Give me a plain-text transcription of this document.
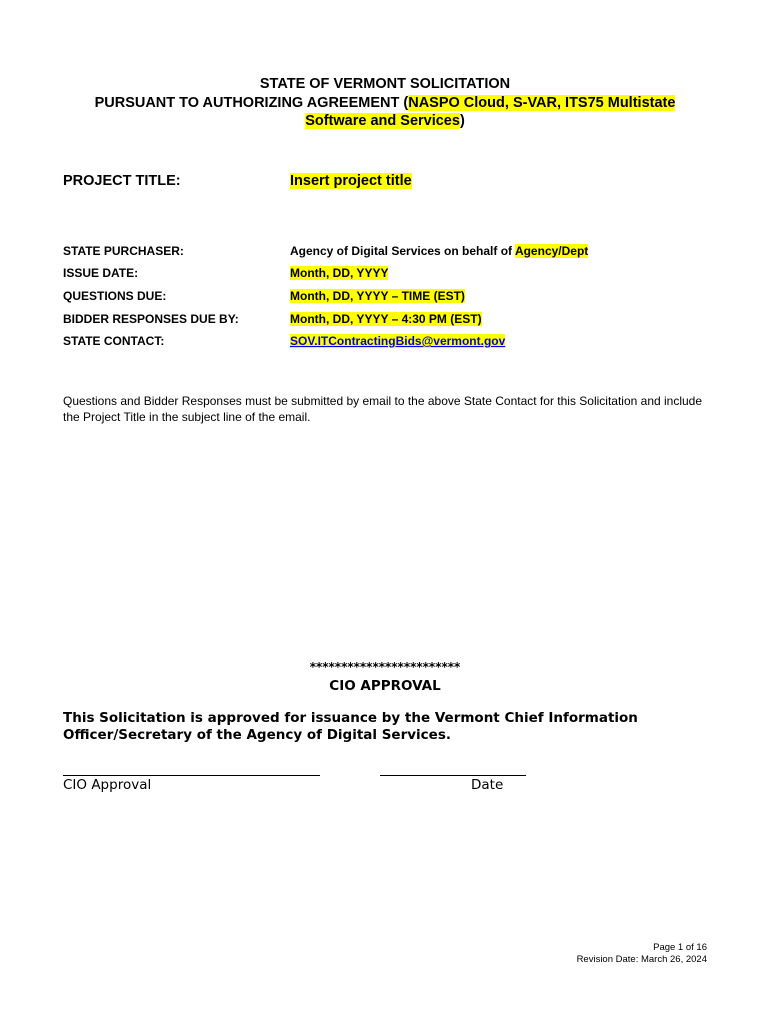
STATE OF VERMONT SOLICITATION
PURSUANT TO AUTHORIZING AGREEMENT (NASPO Cloud, S-VAR, ITS75 Multistate
Software and Services)
PROJECT TITLE:	Insert project title
STATE PURCHASER:	Agency of Digital Services on behalf of Agency/Dept
ISSUE DATE:	Month, DD, YYYY
QUESTIONS DUE:	Month, DD, YYYY – TIME (EST)
BIDDER RESPONSES DUE BY:	Month, DD, YYYY – 4:30 PM (EST)
STATE CONTACT:	SOV.ITContractingBids@vermont.gov
Questions and Bidder Responses must be submitted by email to the above State Contact for this Solicitation and include the Project Title in the subject line of the email.
************************
CIO APPROVAL
This Solicitation is approved for issuance by the Vermont Chief Information Officer/Secretary of the Agency of Digital Services.
CIO Approval	Date
Page 1 of 16
Revision Date: March 26, 2024
